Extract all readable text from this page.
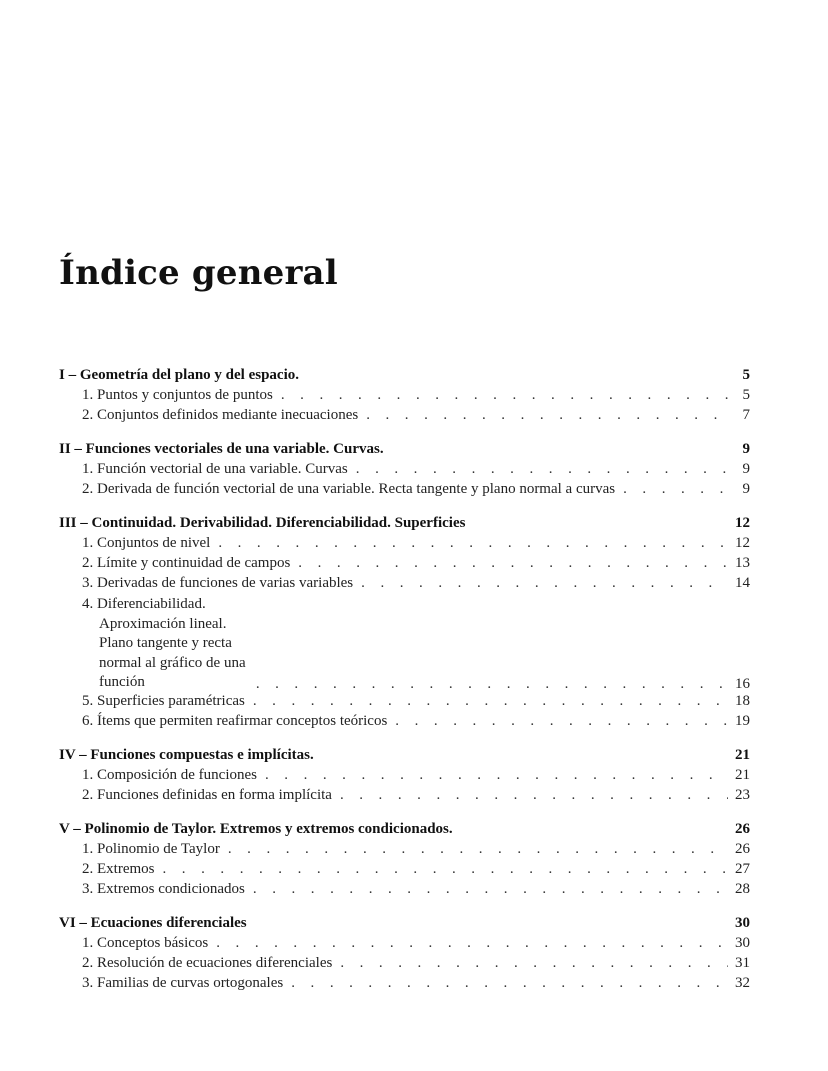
Índice general
I – Geometría del plano y del espacio.	5
1. Puntos y conjuntos de puntos . . .	5
2. Conjuntos definidos mediante inecuaciones . . .	7
II – Funciones vectoriales de una variable. Curvas.	9
1. Función vectorial de una variable. Curvas . . .	9
2. Derivada de función vectorial de una variable. Recta tangente y plano normal a curvas . . .	9
III – Continuidad. Derivabilidad. Diferenciabilidad. Superficies	12
1. Conjuntos de nivel . . .	12
2. Límite y continuidad de campos . . .	13
3. Derivadas de funciones de varias variables . . .	14
4. Diferenciabilidad. Aproximación lineal. Plano tangente y recta normal al gráfico de una función . . .	16
5. Superficies paramétricas . . .	18
6. Ítems que permiten reafirmar conceptos teóricos . . .	19
IV – Funciones compuestas e implícitas.	21
1. Composición de funciones . . .	21
2. Funciones definidas en forma implícita . . .	23
V – Polinomio de Taylor. Extremos y extremos condicionados.	26
1. Polinomio de Taylor . . .	26
2. Extremos . . .	27
3. Extremos condicionados . . .	28
VI – Ecuaciones diferenciales	30
1. Conceptos básicos . . .	30
2. Resolución de ecuaciones diferenciales . . .	31
3. Familias de curvas ortogonales . . .	32
